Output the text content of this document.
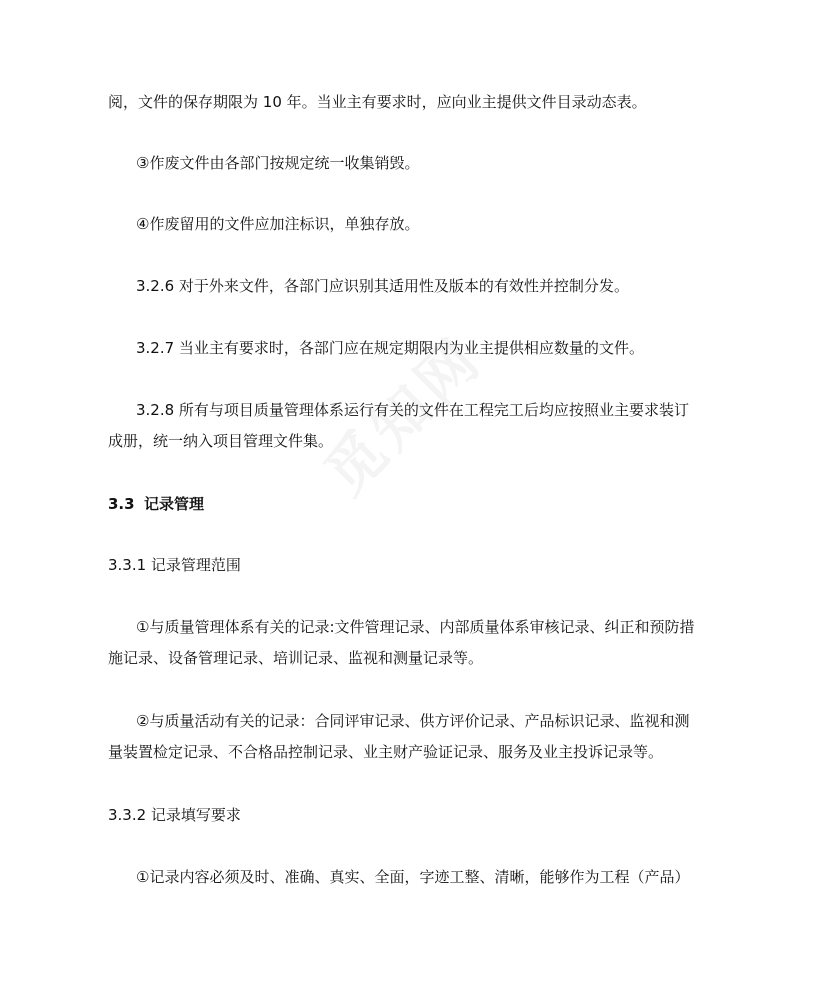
阅，文件的保存期限为 10 年。当业主有要求时，应向业主提供文件目录动态表。
③作废文件由各部门按规定统一收集销毁。
④作废留用的文件应加注标识，单独存放。
3.2.6 对于外来文件，各部门应识别其适用性及版本的有效性并控制分发。
3.2.7 当业主有要求时，各部门应在规定期限内为业主提供相应数量的文件。
3.2.8 所有与项目质量管理体系运行有关的文件在工程完工后均应按照业主要求装订
成册，统一纳入项目管理文件集。
3.3 记录管理
3.3.1 记录管理范围
①与质量管理体系有关的记录:文件管理记录、内部质量体系审核记录、纠正和预防措
施记录、设备管理记录、培训记录、监视和测量记录等。
②与质量活动有关的记录：合同评审记录、供方评价记录、产品标识记录、监视和测
量装置检定记录、不合格品控制记录、业主财产验证记录、服务及业主投诉记录等。
3.3.2 记录填写要求
①记录内容必须及时、准确、真实、全面，字迹工整、清晰，能够作为工程（产品）
